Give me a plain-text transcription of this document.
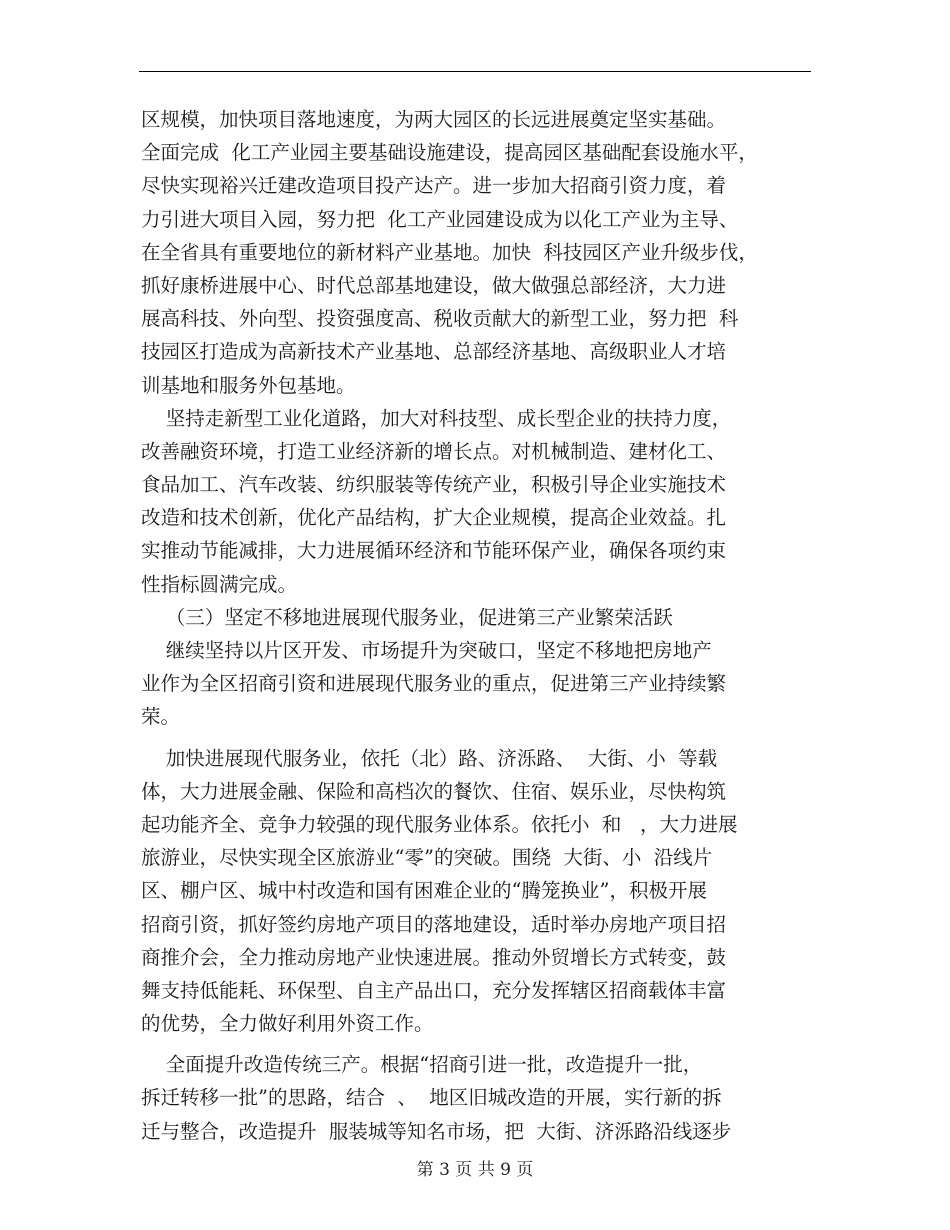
区规模，加快项目落地速度，为两大园区的长远进展奠定坚实基础。
全面完成  化工产业园主要基础设施建设，提高园区基础配套设施水平，
尽快实现裕兴迁建改造项目投产达产。进一步加大招商引资力度，着
力引进大项目入园，努力把  化工产业园建设成为以化工产业为主导、
在全省具有重要地位的新材料产业基地。加快  科技园区产业升级步伐，
抓好康桥进展中心、时代总部基地建设，做大做强总部经济，大力进
展高科技、外向型、投资强度高、税收贡献大的新型工业，努力把  科
技园区打造成为高新技术产业基地、总部经济基地、高级职业人才培
训基地和服务外包基地。
坚持走新型工业化道路，加大对科技型、成长型企业的扶持力度，
改善融资环境，打造工业经济新的增长点。对机械制造、建材化工、
食品加工、汽车改装、纺织服装等传统产业，积极引导企业实施技术
改造和技术创新，优化产品结构，扩大企业规模，提高企业效益。扎
实推动节能减排，大力进展循环经济和节能环保产业，确保各项约束
性指标圆满完成。
（三）坚定不移地进展现代服务业，促进第三产业繁荣活跃
继续坚持以片区开发、市场提升为突破口，坚定不移地把房地产
业作为全区招商引资和进展现代服务业的重点，促进第三产业持续繁
荣。
加快进展现代服务业，依托（北）路、济泺路、  大街、小  等载
体，大力进展金融、保险和高档次的餐饮、住宿、娱乐业，尽快构筑
起功能齐全、竞争力较强的现代服务业体系。依托小  和   ，大力进展
旅游业，尽快实现全区旅游业“零”的突破。围绕  大街、小  沿线片
区、棚户区、城中村改造和国有困难企业的“腾笼换业”，积极开展
招商引资，抓好签约房地产项目的落地建设，适时举办房地产项目招
商推介会，全力推动房地产业快速进展。推动外贸增长方式转变，鼓
舞支持低能耗、环保型、自主产品出口，充分发挥辖区招商载体丰富
的优势，全力做好利用外资工作。
全面提升改造传统三产。根据“招商引进一批，改造提升一批，
拆迁转移一批”的思路，结合  、  地区旧城改造的开展，实行新的拆
迁与整合，改造提升  服装城等知名市场，把  大街、济泺路沿线逐步
第 3 页 共 9 页
